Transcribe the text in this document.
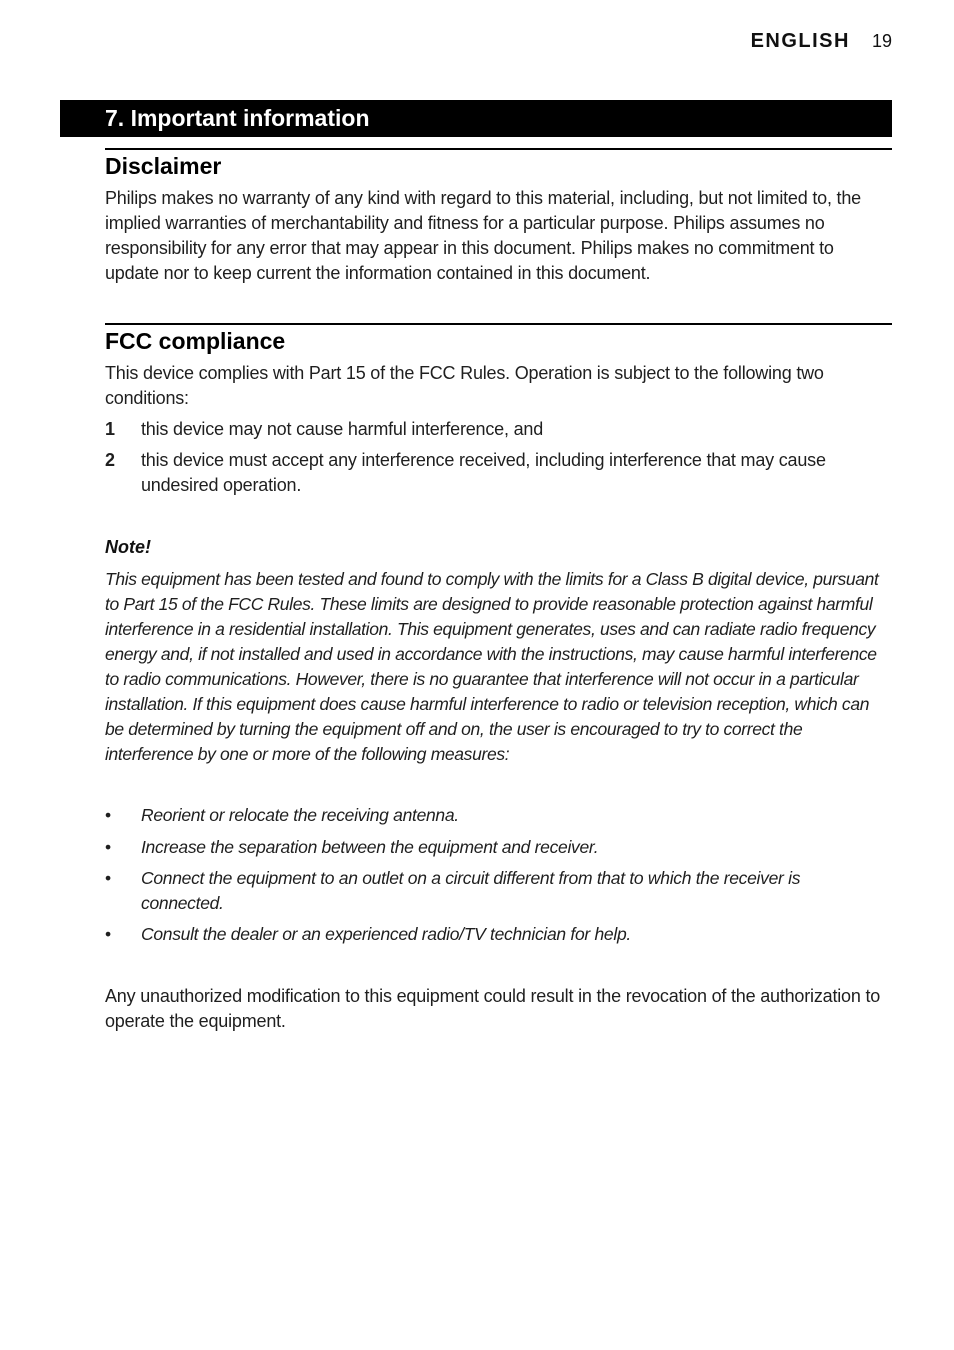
ENGLISH 19
7. Important information
Disclaimer

Philips makes no warranty of any kind with regard to this material, including, but not limited to, the implied warranties of merchantability and fitness for a particular purpose. Philips assumes no responsibility for any error that may appear in this document. Philips makes no commitment to update nor to keep current the information contained in this document.

FCC compliance

This device complies with Part 15 of the FCC Rules. Operation is subject to the following two conditions:

1 this device may not cause harmful interference, and
2 this device must accept any interference received, including interference that may cause undesired operation.
Note!

This equipment has been tested and found to comply with the limits for a Class B digital device, pursuant to Part 15 of the FCC Rules. These limits are designed to provide reasonable protection against harmful interference in a residential installation. This equipment generates, uses and can radiate radio frequency energy and, if not installed and used in accordance with the instructions, may cause harmful interference to radio communications. However, there is no guarantee that interference will not occur in a particular installation. If this equipment does cause harmful interference to radio or television reception, which can be determined by turning the equipment off and on, the user is encouraged to try to correct the interference by one or more of the following measures:

• Reorient or relocate the receiving antenna.
• Increase the separation between the equipment and receiver.
• Connect the equipment to an outlet on a circuit different from that to which the receiver is connected.
• Consult the dealer or an experienced radio/TV technician for help.

Any unauthorized modification to this equipment could result in the revocation of the authorization to operate the equipment.
